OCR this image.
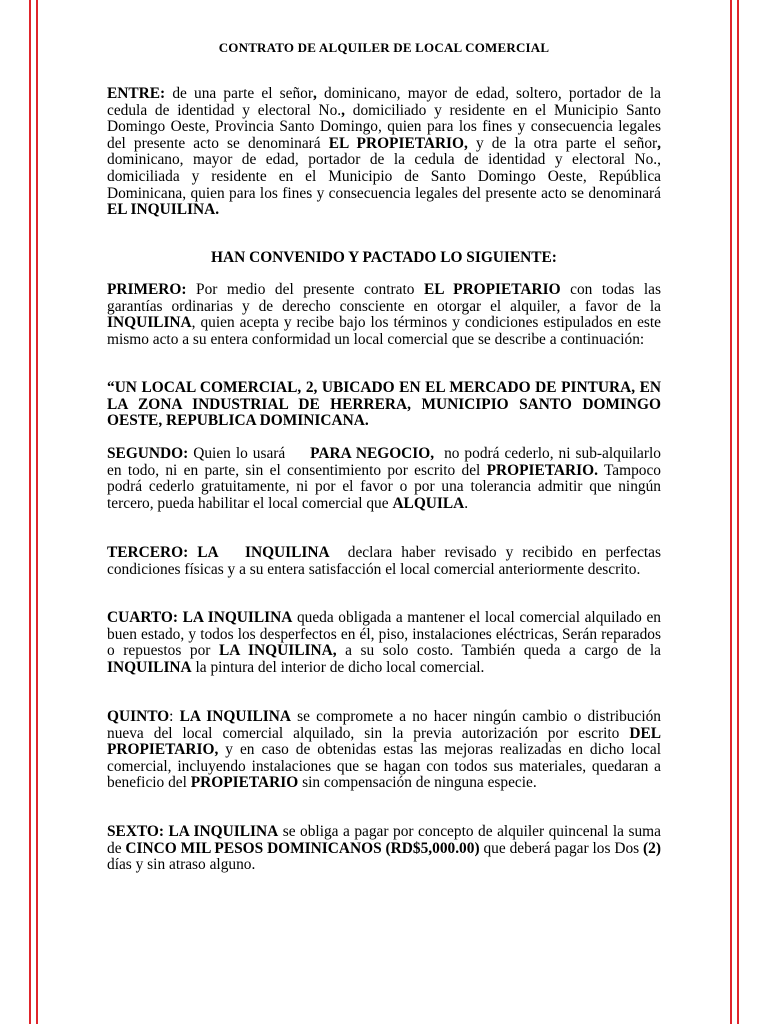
CONTRATO DE ALQUILER DE LOCAL COMERCIAL

ENTRE: de una parte el señor, dominicano, mayor de edad, soltero, portador de la cedula de identidad y electoral No., domiciliado y residente en el Municipio Santo Domingo Oeste, Provincia Santo Domingo, quien para los fines y consecuencia legales del presente acto se denominará EL PROPIETARIO, y de la otra parte el señor, dominicano, mayor de edad, portador de la cedula de identidad y electoral No., domiciliada y residente en el Municipio de Santo Domingo Oeste, República Dominicana, quien para los fines y consecuencia legales del presente acto se denominará EL INQUILINA.

HAN CONVENIDO Y PACTADO LO SIGUIENTE:

PRIMERO: Por medio del presente contrato EL PROPIETARIO con todas las garantías ordinarias y de derecho consciente en otorgar el alquiler, a favor de la INQUILINA, quien acepta y recibe bajo los términos y condiciones estipulados en este mismo acto a su entera conformidad un local comercial que se describe a continuación:

“UN LOCAL COMERCIAL, 2, UBICADO EN EL MERCADO DE PINTURA, EN LA ZONA INDUSTRIAL DE HERRERA, MUNICIPIO SANTO DOMINGO OESTE, REPUBLICA DOMINICANA.

SEGUNDO: Quien lo usará     PARA NEGOCIO,  no podrá cederlo, ni sub-alquilarlo en todo, ni en parte, sin el consentimiento por escrito del PROPIETARIO. Tampoco podrá cederlo gratuitamente, ni por el favor o por una tolerancia admitir que ningún tercero, pueda habilitar el local comercial que ALQUILA.

TERCERO: LA   INQUILINA  declara haber revisado y recibido en perfectas condiciones físicas y a su entera satisfacción el local comercial anteriormente descrito.

CUARTO: LA INQUILINA queda obligada a mantener el local comercial alquilado en buen estado, y todos los desperfectos en él, piso, instalaciones eléctricas, Serán reparados o repuestos por LA INQUILINA, a su solo costo. También queda a cargo de la INQUILINA la pintura del interior de dicho local comercial.

QUINTO: LA INQUILINA se compromete a no hacer ningún cambio o distribución nueva del local comercial alquilado, sin la previa autorización por escrito DEL PROPIETARIO, y en caso de obtenidas estas las mejoras realizadas en dicho local comercial, incluyendo instalaciones que se hagan con todos sus materiales, quedaran a beneficio del PROPIETARIO sin compensación de ninguna especie.

SEXTO: LA INQUILINA se obliga a pagar por concepto de alquiler quincenal la suma de CINCO MIL PESOS DOMINICANOS (RD$5,000.00) que deberá pagar los Dos (2) días y sin atraso alguno.
